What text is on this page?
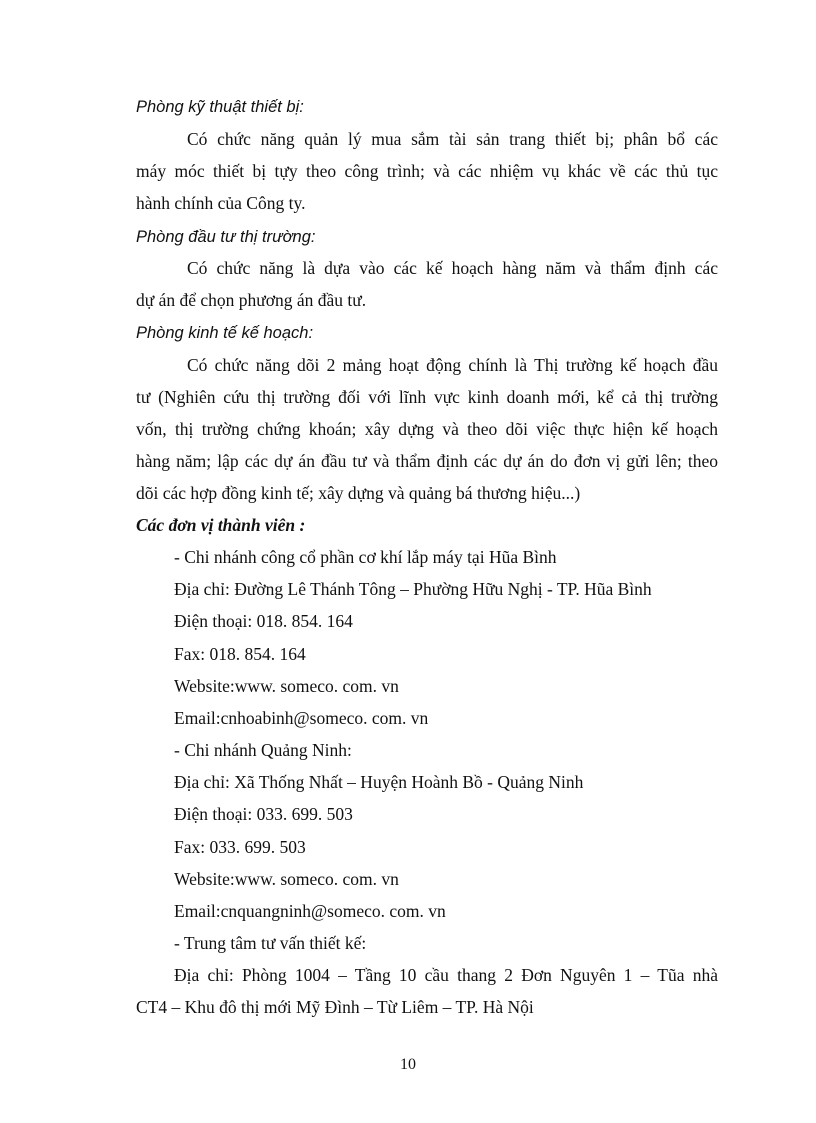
Phòng kỹ thuật thiết bị:
Có chức năng quản lý mua sắm tài sản trang thiết bị; phân bổ các
máy móc thiết bị tựy theo công trình; và các nhiệm vụ khác về các thủ tục
hành chính của Công ty.
Phòng đầu tư thị trường:
Có chức năng là dựa vào các kế hoạch hàng năm và thẩm định các
dự án để chọn phương án đầu tư.
Phòng kinh tế kế hoạch:
Có chức năng dõi 2 mảng hoạt động chính là Thị trường kế hoạch đầu
tư (Nghiên cứu thị trường đối với lĩnh vực kinh doanh mới, kể cả thị trường
vốn, thị trường chứng khoán; xây dựng và theo dõi việc thực hiện kế hoạch
hàng năm; lập các dự án đầu tư và thẩm định các dự án do đơn vị gửi lên; theo
dõi các hợp đồng kinh tế; xây dựng và quảng bá thương hiệu...)
Các đơn vị thành viên :
- Chi nhánh công cổ phần cơ khí lắp máy tại Hũa Bình
Địa chỉ: Đường Lê Thánh Tông – Phường Hữu Nghị - TP. Hũa Bình
Điện thoại: 018. 854. 164
Fax: 018. 854. 164
Website:www. someco. com. vn
Email:cnhoabinh@someco. com. vn
- Chi nhánh Quảng Ninh:
Địa chỉ: Xã Thống Nhất – Huyện Hoành Bồ - Quảng Ninh
Điện thoại: 033. 699. 503
Fax: 033. 699. 503
Website:www. someco. com. vn
Email:cnquangninh@someco. com. vn
- Trung tâm tư vấn thiết kế:
Địa chỉ: Phòng 1004 – Tầng 10 cầu thang 2 Đơn Nguyên 1 – Tũa nhà
CT4 – Khu đô thị mới Mỹ Đình – Từ Liêm – TP. Hà Nội
10
